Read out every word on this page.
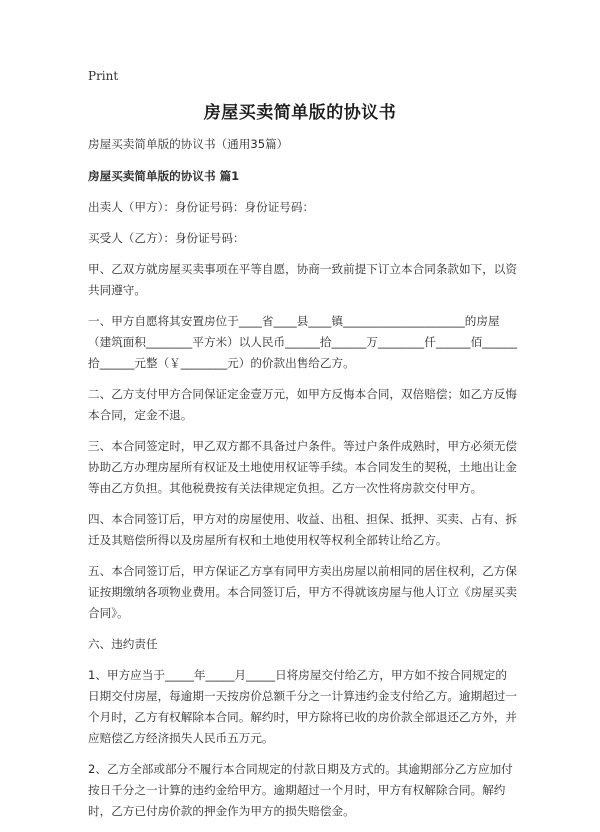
Print
房屋买卖简单版的协议书

房屋买卖简单版的协议书（通用35篇）

房屋买卖简单版的协议书 篇1

出卖人（甲方）：身份证号码：身份证号码：

买受人（乙方）：身份证号码：

甲、乙双方就房屋买卖事项在平等自愿，协商一致前提下订立本合同条款如下，以资共同遵守。

一、甲方自愿将其安置房位于____省____县____镇_____________________的房屋（建筑面积________平方米）以人民币______拾______万________仟______佰______拾______元整（￥________元）的价款出售给乙方。

二、乙方支付甲方合同保证定金壹万元，如甲方反悔本合同，双倍赔偿；如乙方反悔本合同，定金不退。

三、本合同签定时，甲乙双方都不具备过户条件。等过户条件成熟时，甲方必须无偿协助乙方办理房屋所有权证及土地使用权证等手续。本合同发生的契税，土地出让金等由乙方负担。其他税费按有关法律规定负担。乙方一次性将房款交付甲方。

四、本合同签订后，甲方对的房屋使用、收益、出租、担保、抵押、买卖、占有、拆迁及其赔偿所得以及房屋所有权和土地使用权等权利全部转让给乙方。

五、本合同签订后，甲方保证乙方享有同甲方卖出房屋以前相同的居住权利，乙方保证按期缴纳各项物业费用。本合同签订后，甲方不得就该房屋与他人订立《房屋买卖合同》。

六、违约责任

1、甲方应当于_____年_____月_____日将房屋交付给乙方，甲方如不按合同规定的日期交付房屋，每逾期一天按房价总额千分之一计算违约金支付给乙方。逾期超过一个月时，乙方有权解除本合同。解约时，甲方除将已收的房价款全部退还乙方外，并应赔偿乙方经济损失人民币五万元。

2、乙方全部或部分不履行本合同规定的付款日期及方式的。其逾期部分乙方应加付按日千分之一计算的违约金给甲方。逾期超过一个月时，甲方有权解除合同。解约时，乙方已付房价款的押金作为甲方的损失赔偿金。
